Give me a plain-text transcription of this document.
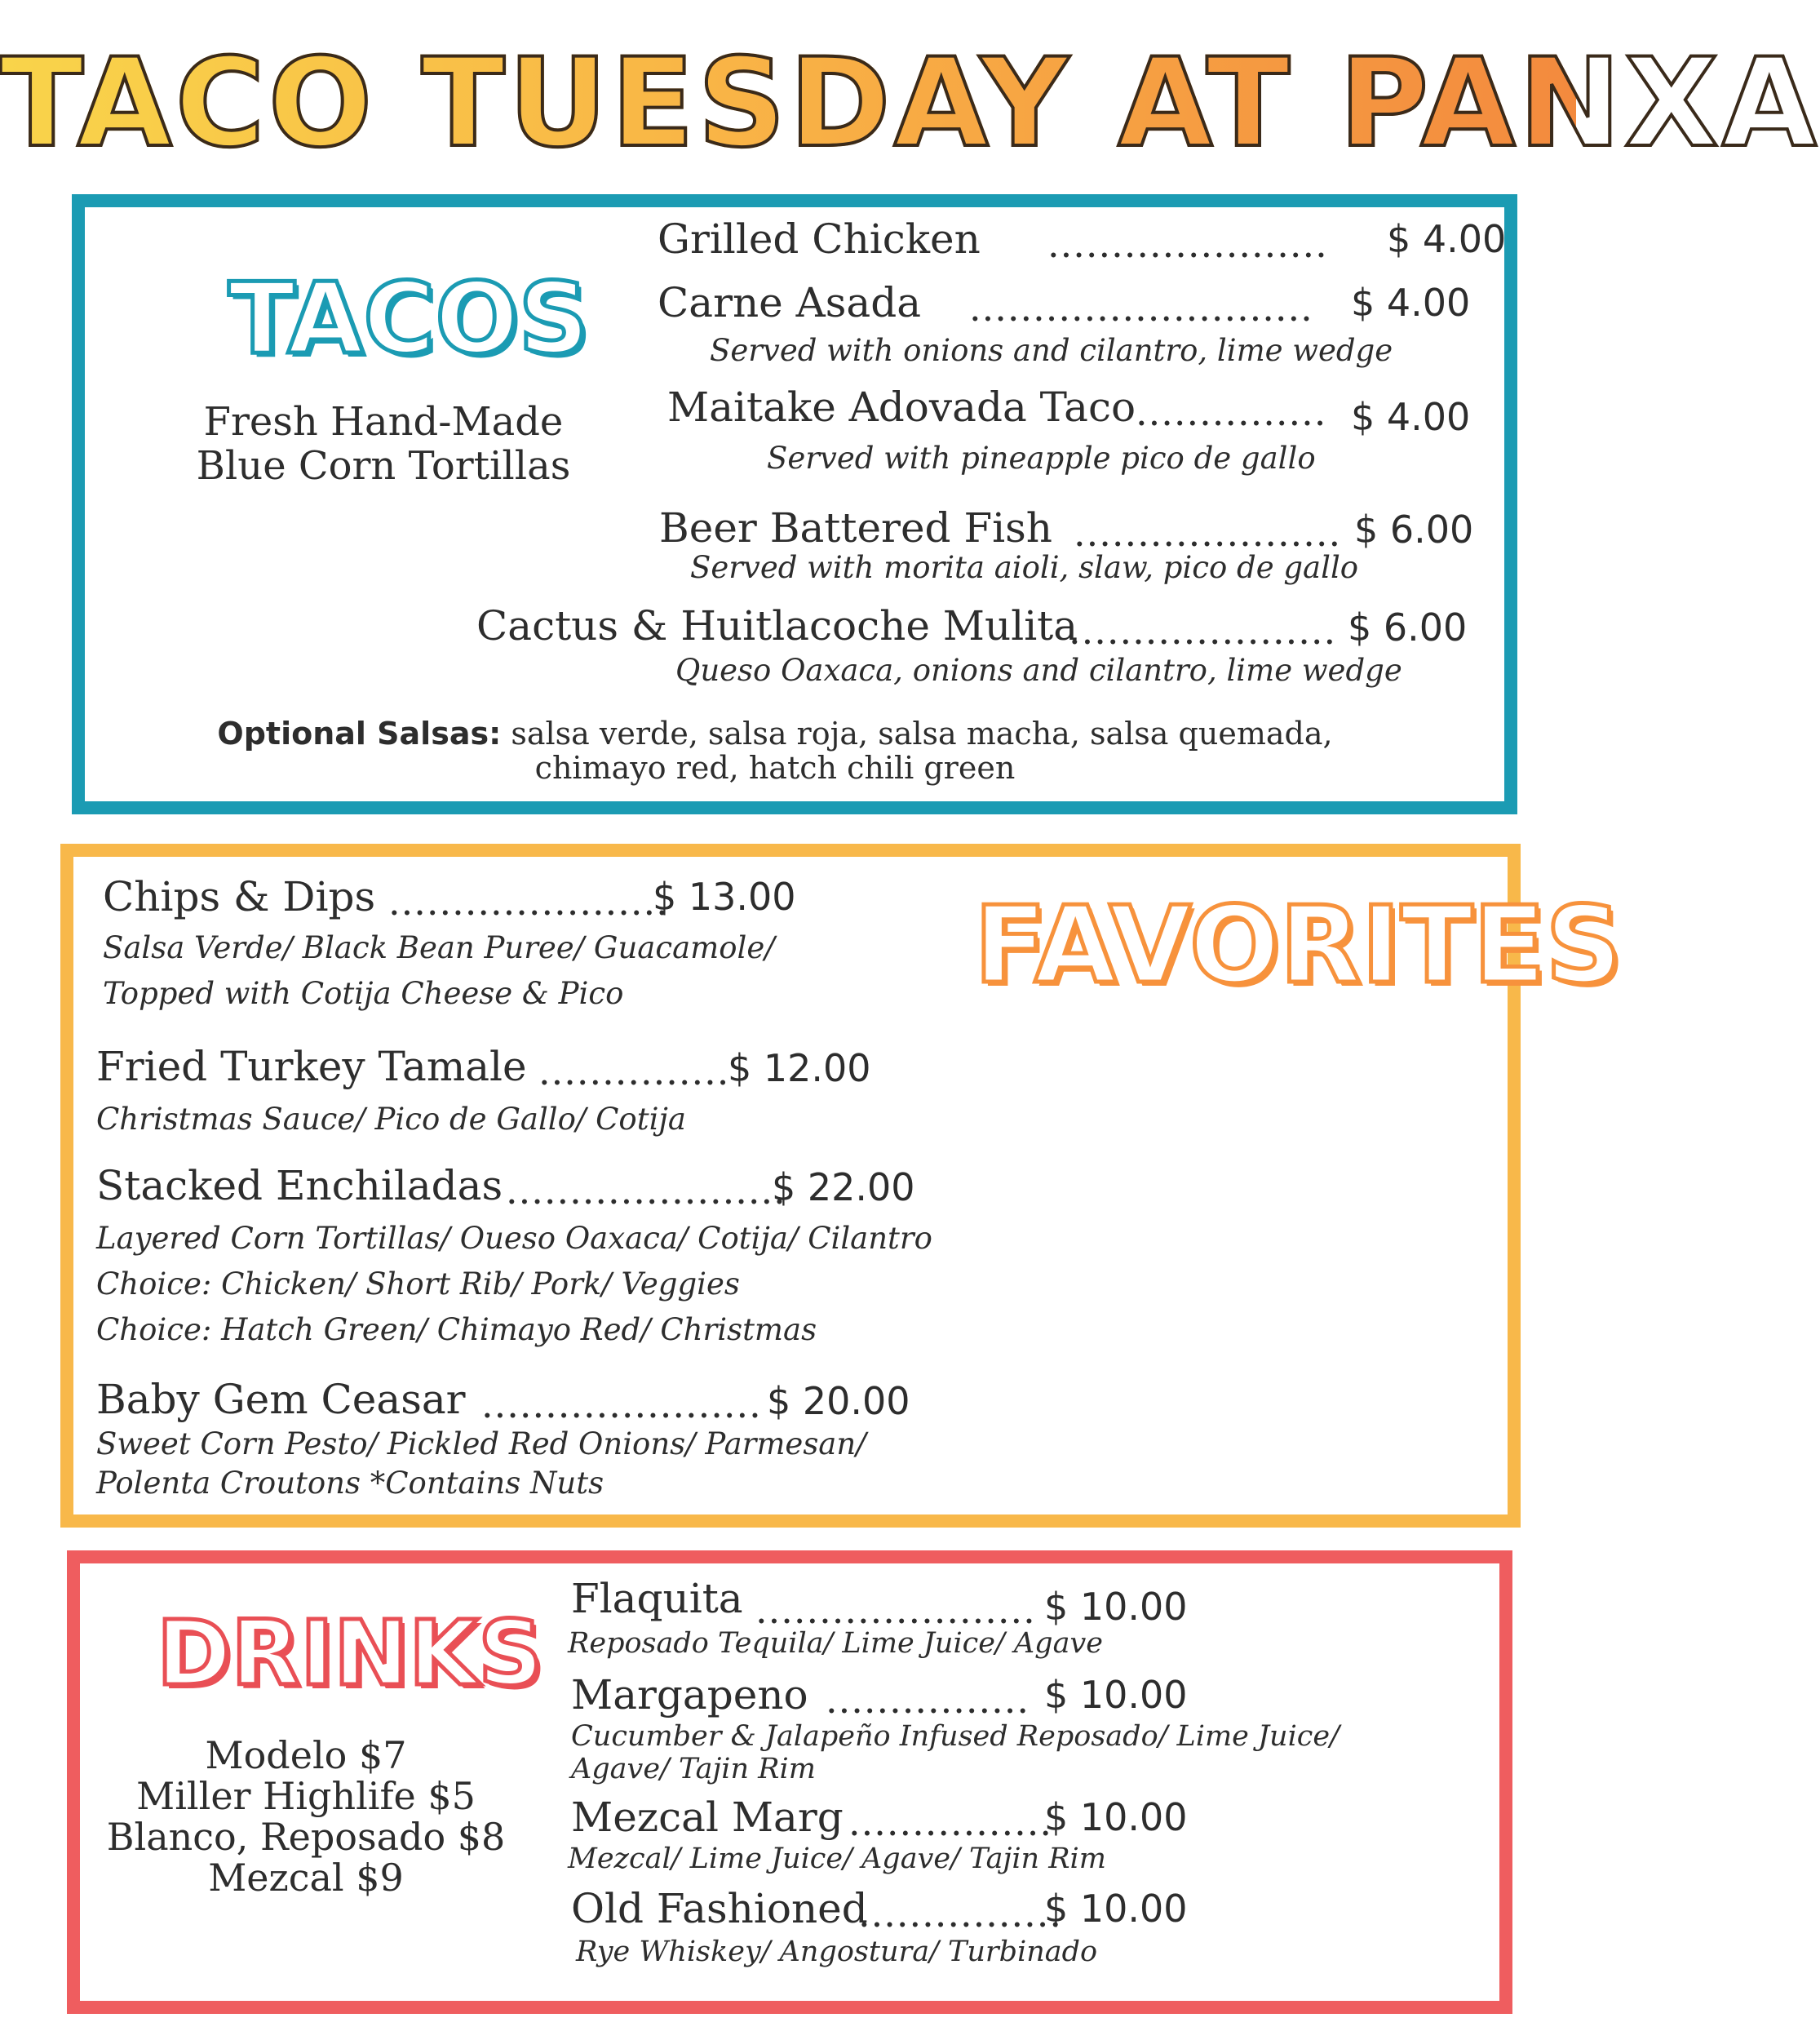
TACO TUESDAY AT PANXA
TACOS
Fresh Hand-Made
Blue Corn Tortillas
Grilled Chicken ...................... $ 4.00
Carne Asada ........................... $ 4.00
Served with onions and cilantro, lime wedge
Maitake Adovada Taco ............... $ 4.00
Served with pineapple pico de gallo
Beer Battered Fish ..................... $ 6.00
Served with morita aioli, slaw, pico de gallo
Cactus & Huitlacoche Mulita
..................... $ 6.00
Queso Oaxaca, onions and cilantro, lime wedge
Optional Salsas: salsa verde, salsa roja, salsa macha, salsa quemada,
chimayo red, hatch chili green
FAVORITES
Chips & Dips ......................
$ 13.00
Salsa Verde/ Black Bean Puree/ Guacamole/
Topped with Cotija Cheese & Pico
Fried Turkey Tamale ...............
$ 12.00
Christmas Sauce/ Pico de Gallo/ Cotija
Stacked Enchiladas ......................
$ 22.00
Layered Corn Tortillas/ Oueso Oaxaca/ Cotija/ Cilantro
Choice: Chicken/ Short Rib/ Pork/ Veggies
Choice: Hatch Green/ Chimayo Red/ Christmas
Baby Gem Ceasar ...................... $ 20.00
Sweet Corn Pesto/ Pickled Red Onions/ Parmesan/
Polenta Croutons *Contains Nuts
DRINKS
Modelo $7
Miller Highlife $5
Blanco, Reposado $8
Mezcal $9
Flaquita ...................... $ 10.00
Reposado Tequila/ Lime Juice/ Agave
Margapeno ................ $ 10.00
Cucumber & Jalapeño Infused Reposado/ Lime Juice/
Agave/ Tajin Rim
Mezcal Marg ................
$ 10.00
Mezcal/ Lime Juice/ Agave/ Tajin Rim
Old Fashioned
................
$ 10.00
Rye Whiskey/ Angostura/ Turbinado
